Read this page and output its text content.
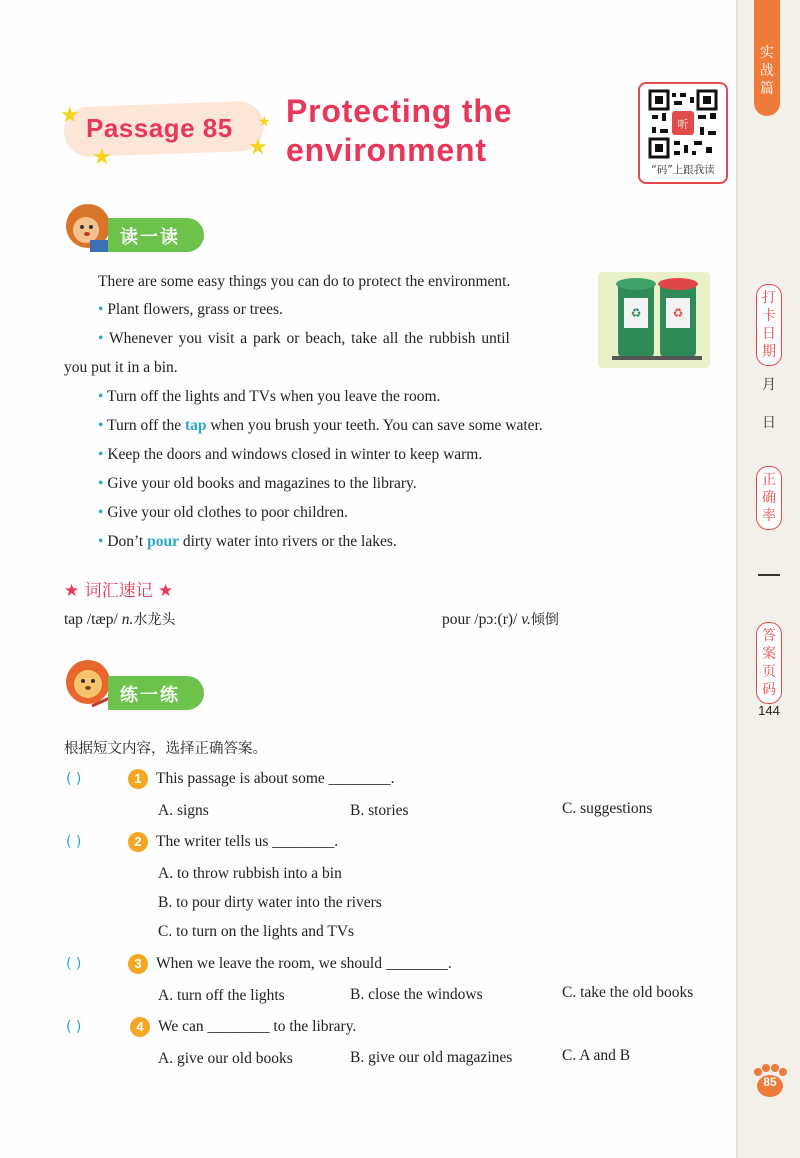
实
战
篇
打
卡
日
期
月
日
正
确
率
答
案
页
码
144
85
Passage 85
★
★	★
★ Protecting the
environment
听
“码”上跟我读
读一读
♻	♻
There are some easy things you can do to protect the environment.
• Plant flowers, grass or trees.
• Whenever you visit a park or beach, take all the rubbish until
you put it in a bin.
• Turn off the lights and TVs when you leave the room.
• Turn off the tap when you brush your teeth. You can save some water.
• Keep the doors and windows closed in winter to keep warm.
• Give your old books and magazines to the library.
• Give your old clothes to poor children.
• Don’t pour dirty water into rivers or the lakes.
★ 词汇速记 ★
tap /tæp/ n.水龙头	pour /pɔː(r)/ v.倾倒
练一练
根据短文内容，选择正确答案。
( )	1 This passage is about some ________.
A. signs	B. stories	C. suggestions
( )	2 The writer tells us ________.
A. to throw rubbish into a bin
B. to pour dirty water into the rivers
C. to turn on the lights and TVs
( )	3 When we leave the room, we should ________.
A. turn off the lights	B. close the windows	C. take the old books
( )	4 We can ________ to the library.
A. give our old books	B. give our old magazines	C. A and B
